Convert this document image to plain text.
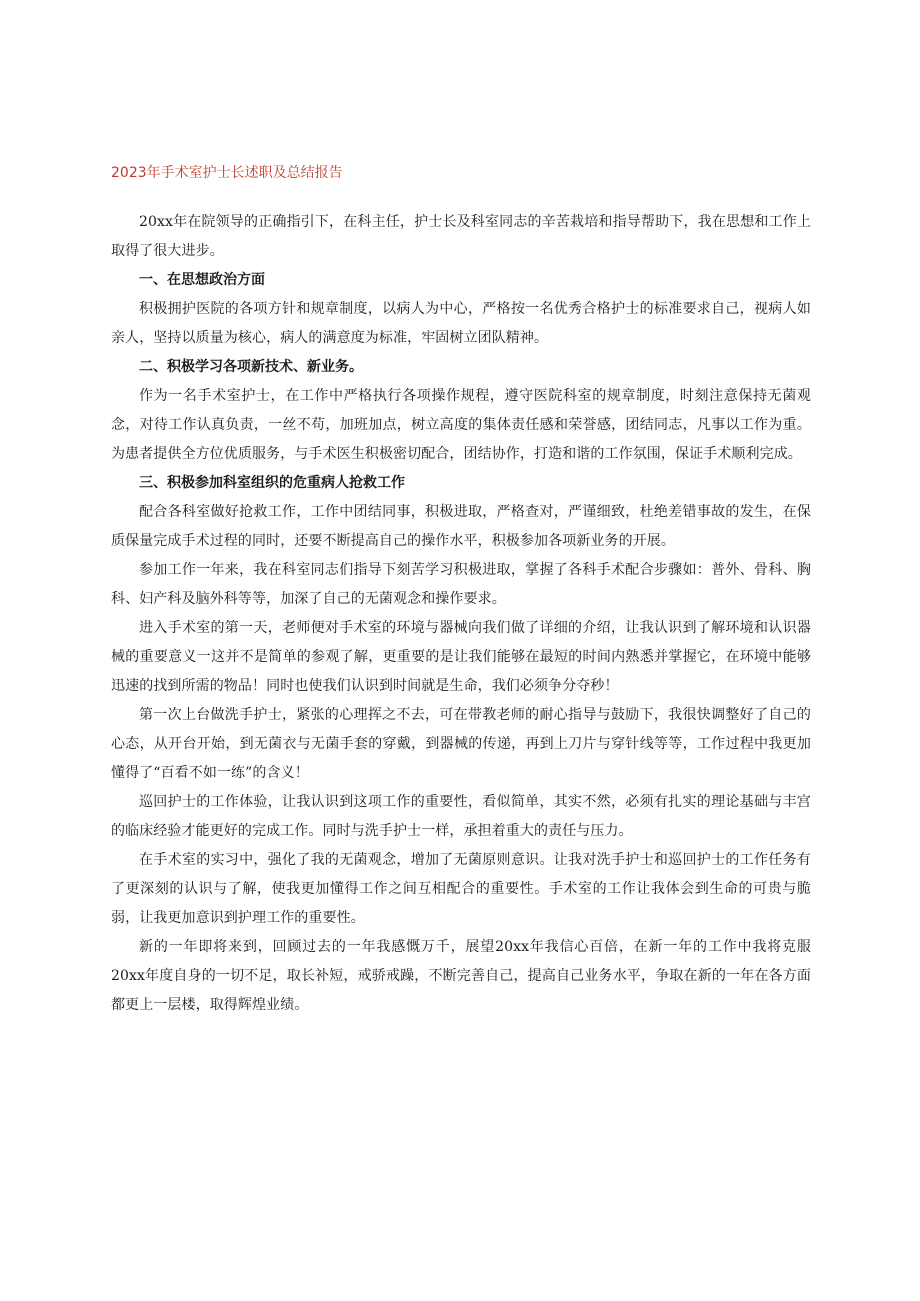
2023年手术室护士长述职及总结报告

20xx年在院领导的正确指引下，在科主任，护士长及科室同志的辛苦栽培和指导帮助下，我在思想和工作上取得了很大进步。

一、在思想政治方面

积极拥护医院的各项方针和规章制度，以病人为中心，严格按一名优秀合格护士的标准要求自己，视病人如亲人，坚持以质量为核心，病人的满意度为标准，牢固树立团队精神。

二、积极学习各项新技术、新业务。

作为一名手术室护士，在工作中严格执行各项操作规程，遵守医院科室的规章制度，时刻注意保持无菌观念，对待工作认真负责，一丝不苟，加班加点，树立高度的集体责任感和荣誉感，团结同志，凡事以工作为重。为患者提供全方位优质服务，与手术医生积极密切配合，团结协作，打造和谐的工作氛围，保证手术顺利完成。

三、积极参加科室组织的危重病人抢救工作

配合各科室做好抢救工作，工作中团结同事，积极进取，严格查对，严谨细致，杜绝差错事故的发生，在保质保量完成手术过程的同时，还要不断提高自己的操作水平，积极参加各项新业务的开展。

参加工作一年来，我在科室同志们指导下刻苦学习积极进取，掌握了各科手术配合步骤如：普外、骨科、胸科、妇产科及脑外科等等，加深了自己的无菌观念和操作要求。

进入手术室的第一天，老师便对手术室的环境与器械向我们做了详细的介绍，让我认识到了解环境和认识器械的重要意义一这并不是简单的参观了解，更重要的是让我们能够在最短的时间内熟悉并掌握它，在环境中能够迅速的找到所需的物品！同时也使我们认识到时间就是生命，我们必须争分夺秒！

第一次上台做洗手护士，紧张的心理挥之不去，可在带教老师的耐心指导与鼓励下，我很快调整好了自己的心态，从开台开始，到无菌衣与无菌手套的穿戴，到器械的传递，再到上刀片与穿针线等等，工作过程中我更加懂得了“百看不如一练”的含义！

巡回护士的工作体验，让我认识到这项工作的重要性，看似简单，其实不然，必须有扎实的理论基础与丰宫的临床经验才能更好的完成工作。同时与洗手护士一样，承担着重大的责任与压力。

在手术室的实习中，强化了我的无菌观念，增加了无菌原则意识。让我对洗手护士和巡回护士的工作任务有了更深刻的认识与了解，使我更加懂得工作之间互相配合的重要性。手术室的工作让我体会到生命的可贵与脆弱，让我更加意识到护理工作的重要性。

新的一年即将来到，回顾过去的一年我感慨万千，展望20xx年我信心百倍，在新一年的工作中我将克服20xx年度自身的一切不足，取长补短，戒骄戒躁，不断完善自己，提高自己业务水平，争取在新的一年在各方面都更上一层楼，取得辉煌业绩。
